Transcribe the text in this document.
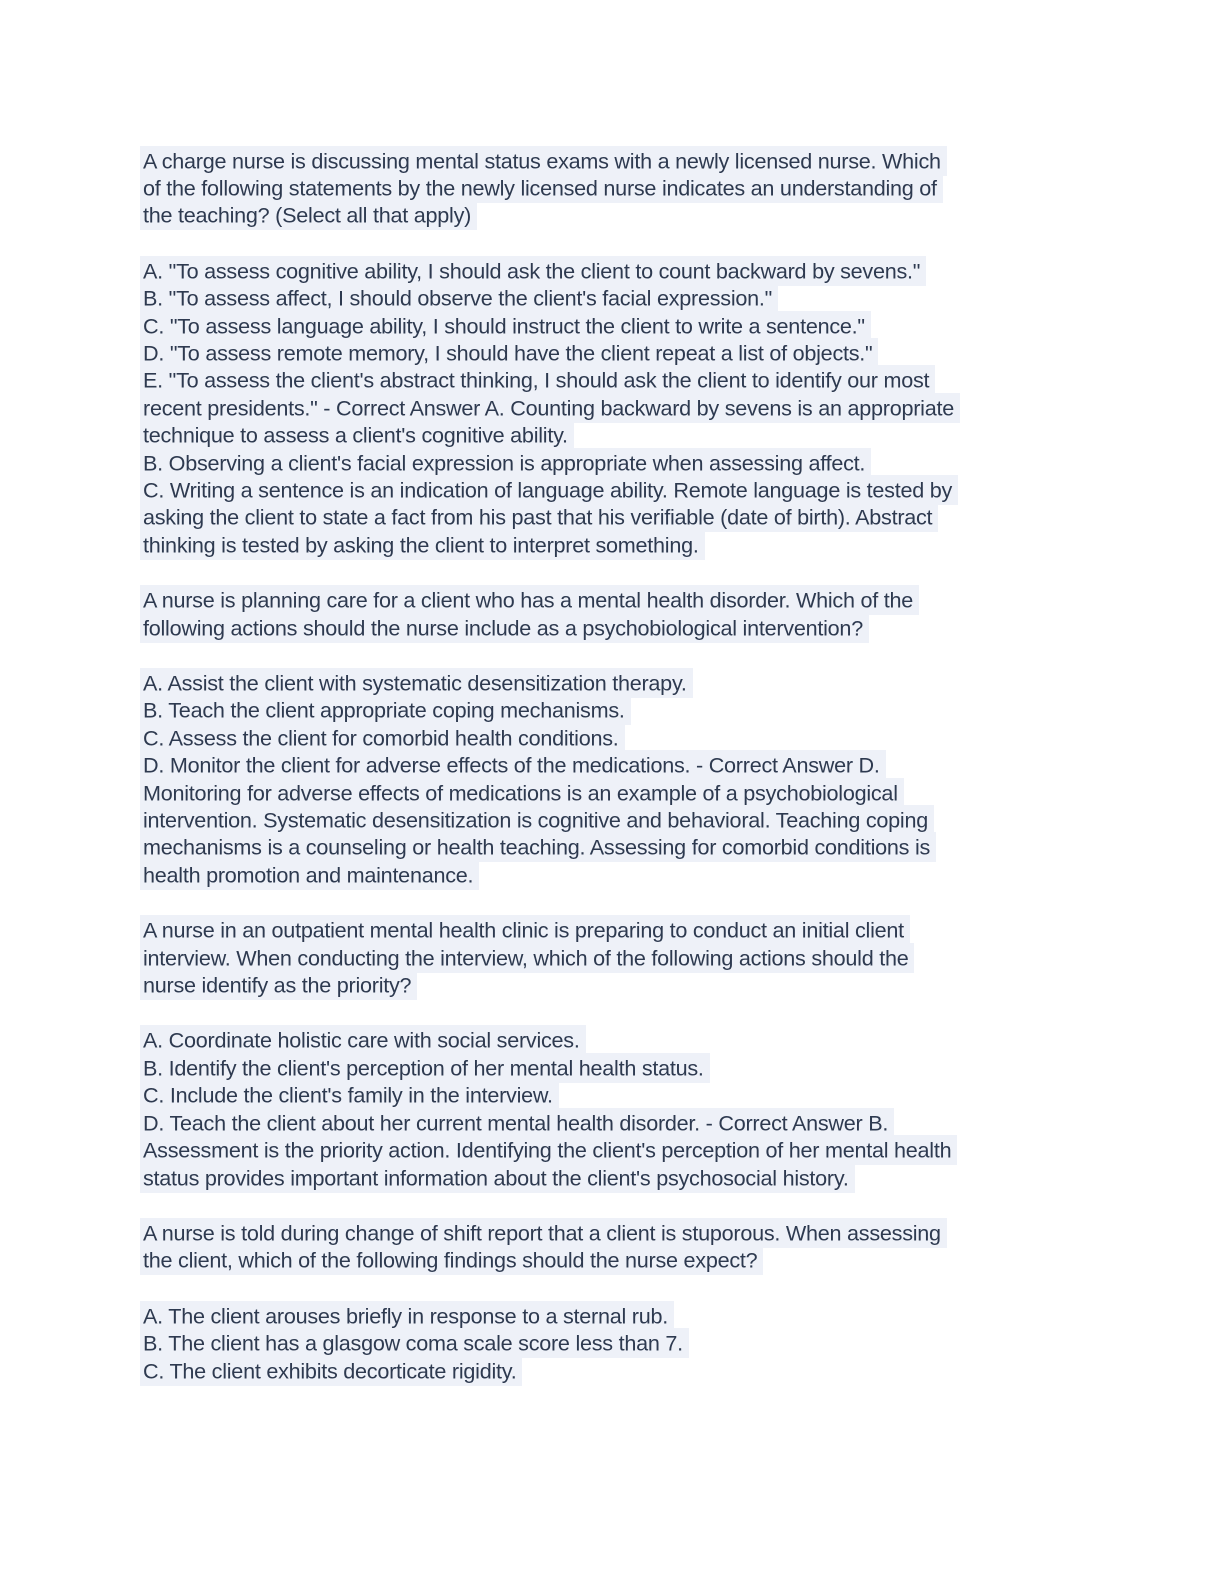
A charge nurse is discussing mental status exams with a newly licensed nurse. Which
of the following statements by the newly licensed nurse indicates an understanding of
the teaching? (Select all that apply)
A. "To assess cognitive ability, I should ask the client to count backward by sevens."
B. "To assess affect, I should observe the client's facial expression."
C. "To assess language ability, I should instruct the client to write a sentence."
D. "To assess remote memory, I should have the client repeat a list of objects."
E. "To assess the client's abstract thinking, I should ask the client to identify our most
recent presidents." - Correct Answer A. Counting backward by sevens is an appropriate
technique to assess a client's cognitive ability.
B. Observing a client's facial expression is appropriate when assessing affect.
C. Writing a sentence is an indication of language ability. Remote language is tested by
asking the client to state a fact from his past that his verifiable (date of birth). Abstract
thinking is tested by asking the client to interpret something.
A nurse is planning care for a client who has a mental health disorder. Which of the
following actions should the nurse include as a psychobiological intervention?
A. Assist the client with systematic desensitization therapy.
B. Teach the client appropriate coping mechanisms.
C. Assess the client for comorbid health conditions.
D. Monitor the client for adverse effects of the medications. - Correct Answer D.
Monitoring for adverse effects of medications is an example of a psychobiological
intervention. Systematic desensitization is cognitive and behavioral. Teaching coping
mechanisms is a counseling or health teaching. Assessing for comorbid conditions is
health promotion and maintenance.
A nurse in an outpatient mental health clinic is preparing to conduct an initial client
interview. When conducting the interview, which of the following actions should the
nurse identify as the priority?
A. Coordinate holistic care with social services.
B. Identify the client's perception of her mental health status.
C. Include the client's family in the interview.
D. Teach the client about her current mental health disorder. - Correct Answer B.
Assessment is the priority action. Identifying the client's perception of her mental health
status provides important information about the client's psychosocial history.
A nurse is told during change of shift report that a client is stuporous. When assessing
the client, which of the following findings should the nurse expect?
A. The client arouses briefly in response to a sternal rub.
B. The client has a glasgow coma scale score less than 7.
C. The client exhibits decorticate rigidity.
